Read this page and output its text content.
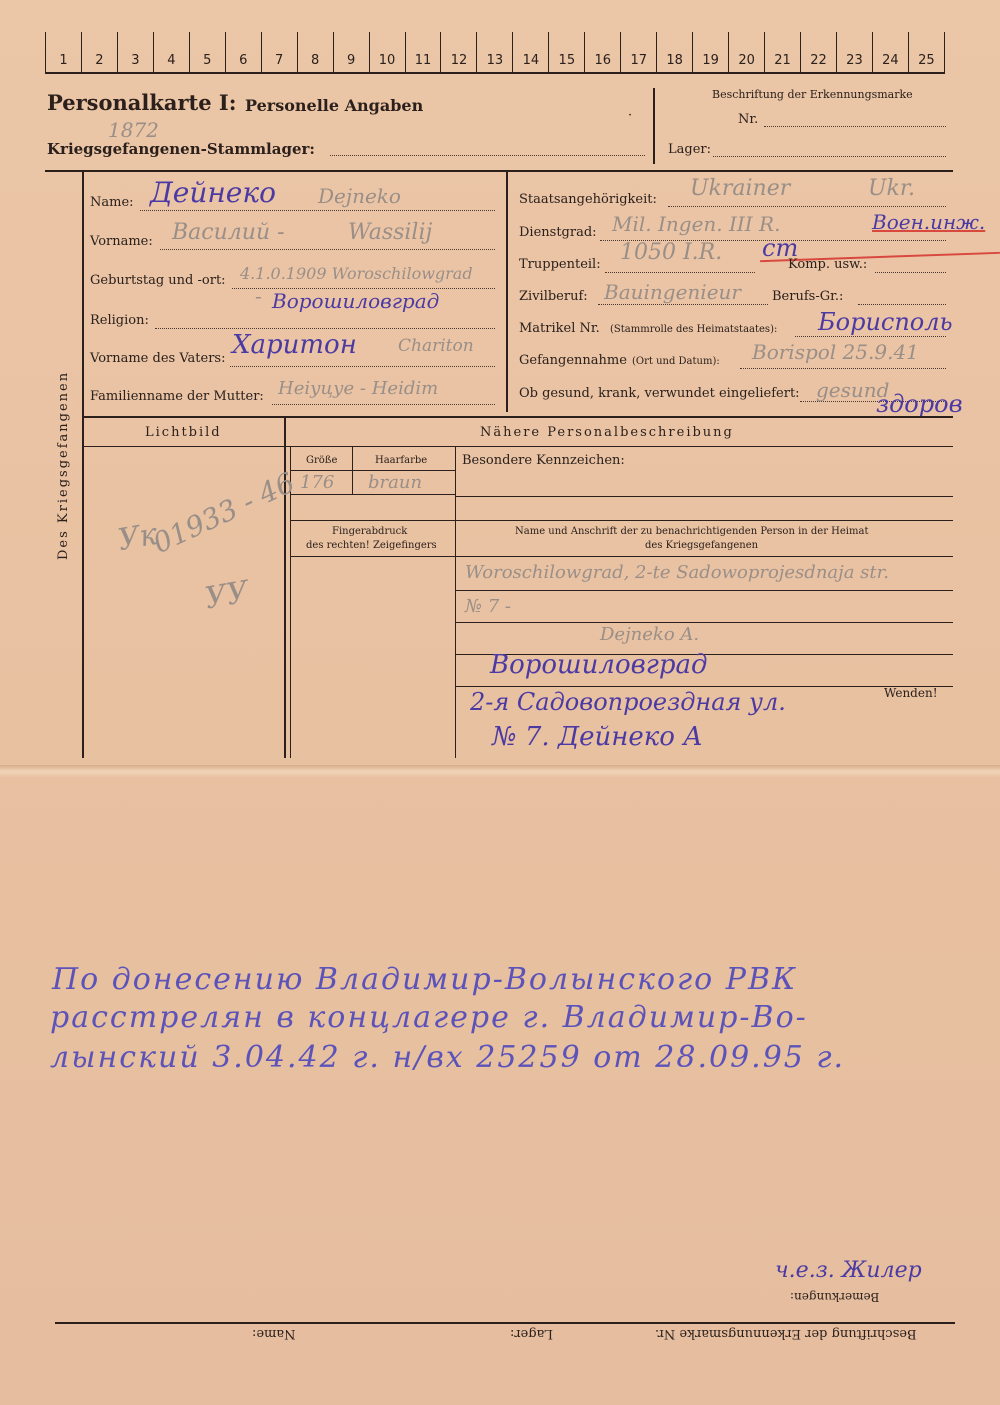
1	2	3	4	5	6	7	8	9	10	11	12	13	14	15	16	17	18	19	20	21	22	23	24	25
Personalkarte I: Personelle Angaben
1872
Kriegsgefangenen-Stammlager:
·
Beschriftung der Erkennungsmarke
Nr.
Lager:
Des Kriegsgefangenen
Name: Дейнеко Dejneko
Vorname: Василий -	Wassilij
Geburtstag und -ort: 4.1.0.1909 Woroschilowgrad
Ворошиловград
Religion:
-
Vorname des Vaters: Харитон Chariton
Familienname der Mutter: Неіуцуе - Heidim
Staatsangehörigkeit: Ukrainer	Ukr.
Dienstgrad: Mil. Ingen. III R.	Воен.инж.
ст
Truppenteil: 1050 I.R.	Komp. usw.:
Zivilberuf: Bauingenieur Berufs-Gr.:
Matrikel Nr. (Stammrolle des Heimatstaates): Борисполь
Gefangennahme (Ort und Datum): Borispol 25.9.41
Ob gesund, krank, verwundet eingeliefert: gesund
здоров
Lichtbild	Nähere Personalbeschreibung
Größe	Haarfarbe
176 braun
Besondere Kennzeichen:
Fingerabdruck
des rechten! Zeigefingers
Name und Anschrift der zu benachrichtigenden Person in der Heimat
des Kriegsgefangenen
Woroschilowgrad, 2-te Sadowoprojesdnaja str.
№ 7 -
Dejneko A.
Ворошиловград
2-я Садовопроездная ул.
№ 7. Дейнеко А
Wenden!
Ук
01933 - 46
УУ
По донесению Владимир-Волынского РВК
расстрелян в концлагере г. Владимир-Во-
лынский 3.04.42 г. н/вх 25259 от 28.09.95 г.
ч.е.з. Жилер
Bemerkungen:
Beschriftung der Erkennungsmarke Nr.
Lager:
Name:
